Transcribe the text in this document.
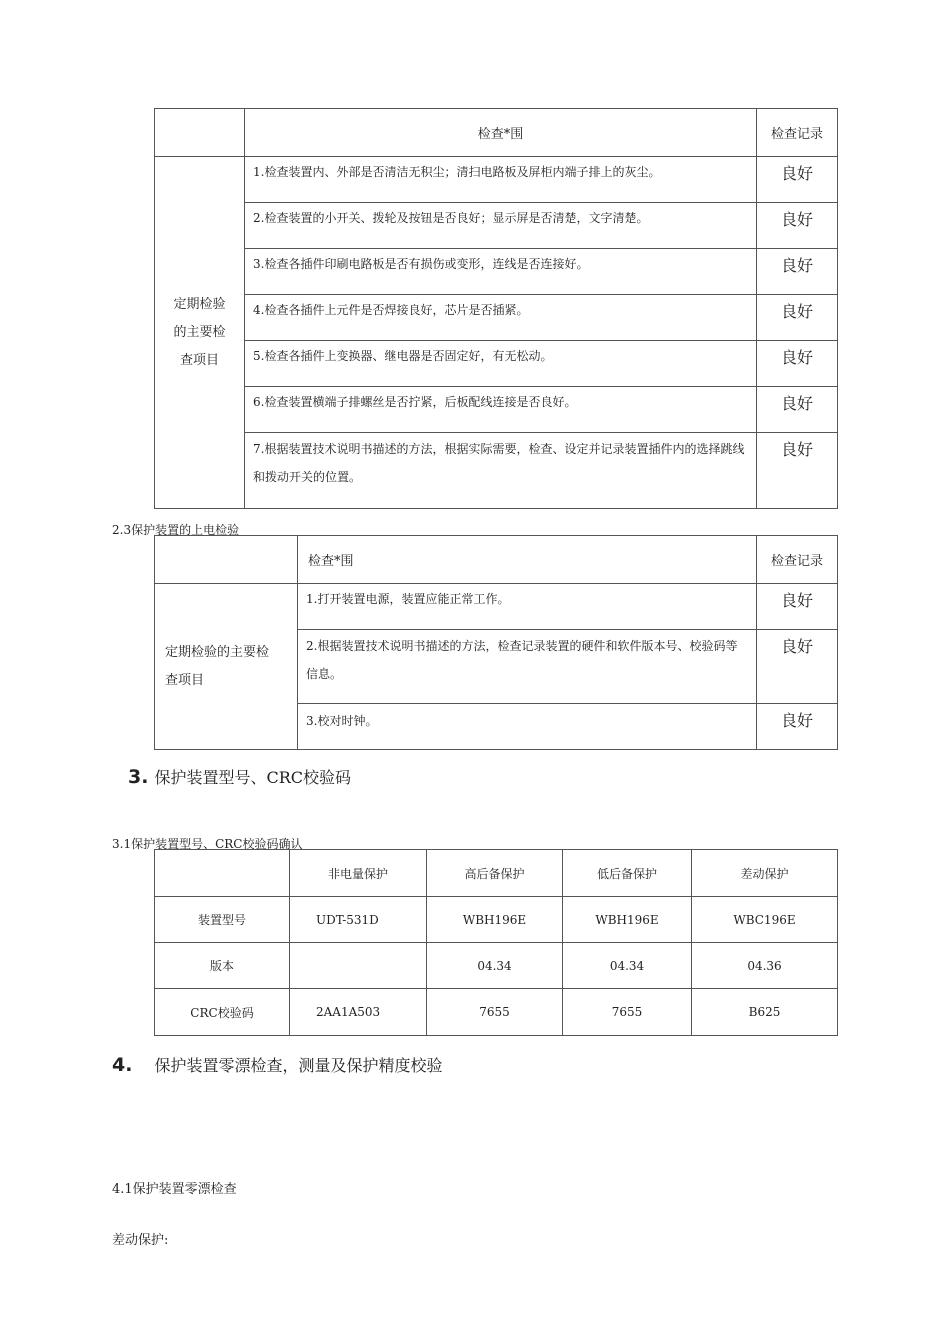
	检查*围	检查记录

定期检验
的主要检
查项目	1.检查装置内、外部是否清洁无积尘；清扫电路板及屏柜内端子排上的灰尘。	良好
	2.检查装置的小开关、拨轮及按钮是否良好；显示屏是否清楚，文字清楚。	良好
	3.检查各插件印刷电路板是否有损伤或变形，连线是否连接好。	良好
	4.检查各插件上元件是否焊接良好，芯片是否插紧。	良好
	5.检查各插件上变换器、继电器是否固定好，有无松动。	良好
	6.检查装置横端子排螺丝是否拧紧，后板配线连接是否良好。	良好
	7.根据装置技术说明书描述的方法，根据实际需要，检查、设定并记录装置插件内的选择跳线和拨动开关的位置。	良好
2.3保护装置的上电检验
	检查*围	检查记录

定期检验的主要检
查项目	1.打开装置电源，装置应能正常工作。	良好
	2.根据装置技术说明书描述的方法，检查记录装置的硬件和软件版本号、校验码等信息。	良好
	3.校对时钟。	良好
3. 保护装置型号、CRC校验码
3.1保护装置型号、CRC校验码确认
	非电量保护	高后备保护	低后备保护	差动保护
装置型号	UDT-531D	WBH196E	WBH196E	WBC196E
版本		04.34	04.34	04.36
CRC校验码	2AA1A503	7655	7655	B625
4. 保护装置零漂检查，测量及保护精度校验
4.1保护装置零漂检查
差动保护:
